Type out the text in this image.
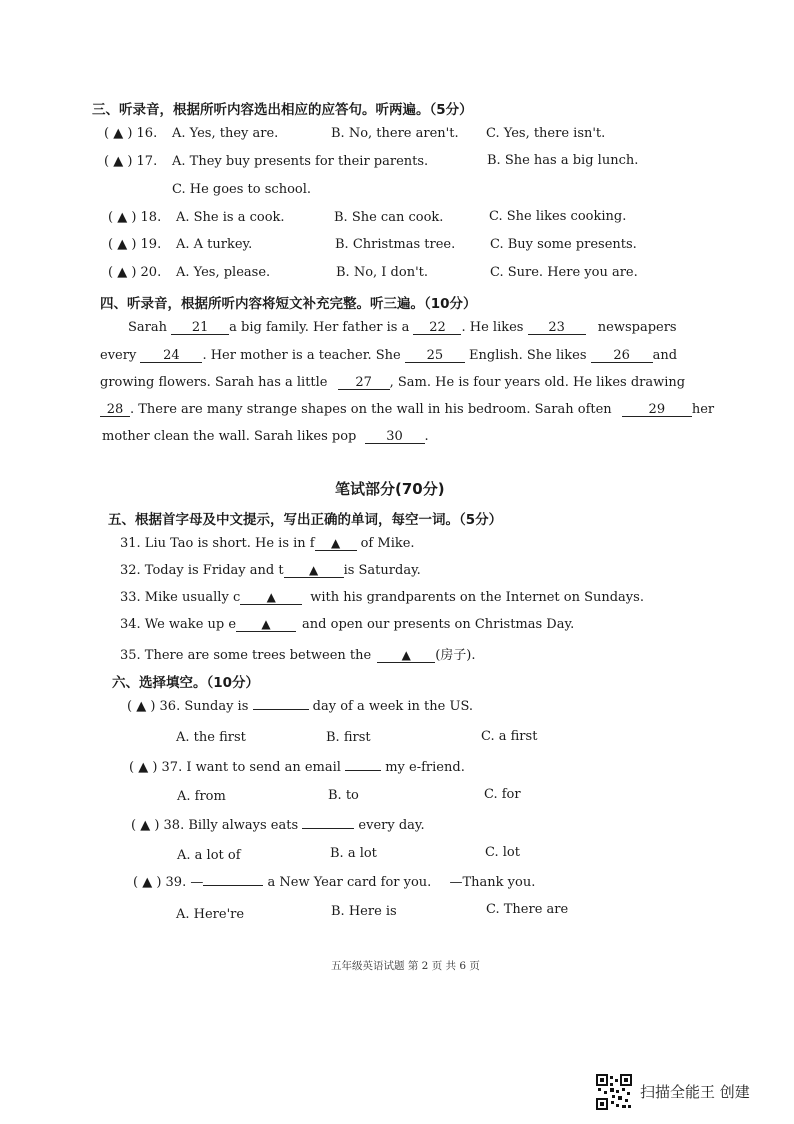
三、听录音，根据所听内容选出相应的应答句。听两遍。（5分）
( ▲ ) 16. A. Yes, they are.	B. No, there aren't. C. Yes, there isn't.
( ▲ ) 17. A. They buy presents for their parents.	B. She has a big lunch.
C. He goes to school.
( ▲ ) 18. A. She is a cook.	B. She can cook.	C. She likes cooking.
( ▲ ) 19. A. A turkey.	B. Christmas tree.	C. Buy some presents.
( ▲ ) 20. A. Yes, please.	B. No, I don't.	C. Sure. Here you are.
四、听录音，根据所听内容将短文补充完整。听三遍。（10分）
Sarah 21 a big family. Her father is a 22 . He likes 23	newspapers
every 24 . Her mother is a teacher. She 25 English. She likes 26 and
growing flowers. Sarah has a little 27 , Sam. He is four years old. He likes drawing
28 . There are many strange shapes on the wall in his bedroom. Sarah often	29 her
mother clean the wall. Sarah likes pop 30 .
笔试部分(70分)
五、根据首字母及中文提示，写出正确的单词，每空一词。（5分）
31. Liu Tao is short. He is in f ▲ of Mike.
32. Today is Friday and t ▲ is Saturday.
33. Mike usually c ▲	with his grandparents on the Internet on Sundays.
34. We wake up e ▲ and open our presents on Christmas Day.
35. There are some trees between the	▲ (房子).
六、选择填空。（10分）
( ▲ ) 36. Sunday is	day of a week in the US.
A. the first	B. first	C. a first
( ▲ ) 37. I want to send an email	my e-friend.
A. from	B. to	C. for
( ▲ ) 38. Billy always eats	every day.
A. a lot of	B. a lot	C. lot
( ▲ ) 39. —	a New Year card for you. —Thank you.
A. Here're	B. Here is	C. There are
五年级英语试题 第 2 页 共 6 页
扫描全能王 创建
